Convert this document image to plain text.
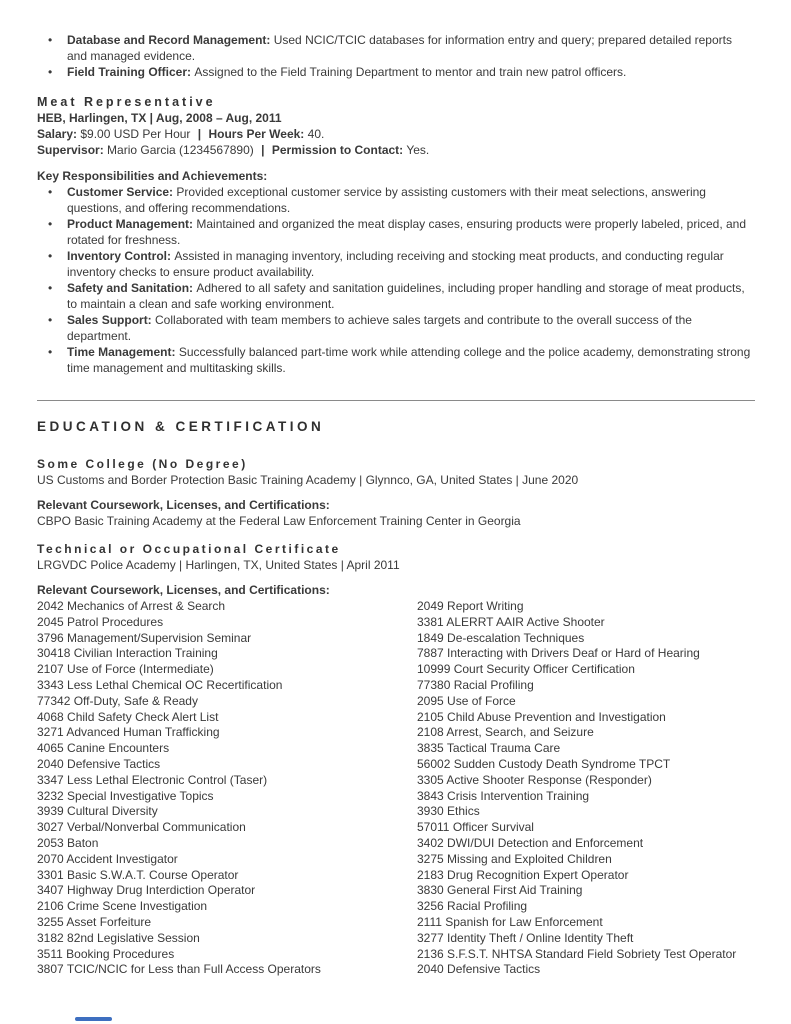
• Database and Record Management: Used NCIC/TCIC databases for information entry and query; prepared detailed reports and managed evidence.
• Field Training Officer: Assigned to the Field Training Department to mentor and train new patrol officers.
Meat Representative
HEB, Harlingen, TX | Aug, 2008 – Aug, 2011
Salary: $9.00 USD Per Hour | Hours Per Week: 40.
Supervisor: Mario Garcia (1234567890) | Permission to Contact: Yes.
Key Responsibilities and Achievements:
• Customer Service: Provided exceptional customer service by assisting customers with their meat selections, answering questions, and offering recommendations.
• Product Management: Maintained and organized the meat display cases, ensuring products were properly labeled, priced, and rotated for freshness.
• Inventory Control: Assisted in managing inventory, including receiving and stocking meat products, and conducting regular inventory checks to ensure product availability.
• Safety and Sanitation: Adhered to all safety and sanitation guidelines, including proper handling and storage of meat products, to maintain a clean and safe working environment.
• Sales Support: Collaborated with team members to achieve sales targets and contribute to the overall success of the department.
• Time Management: Successfully balanced part-time work while attending college and the police academy, demonstrating strong time management and multitasking skills.
EDUCATION & CERTIFICATION
Some College (No Degree)
US Customs and Border Protection Basic Training Academy | Glynnco, GA, United States | June 2020
Relevant Coursework, Licenses, and Certifications:
CBPO Basic Training Academy at the Federal Law Enforcement Training Center in Georgia
Technical or Occupational Certificate
LRGVDC Police Academy | Harlingen, TX, United States | April 2011
Relevant Coursework, Licenses, and Certifications:
2042 Mechanics of Arrest & Search
2045 Patrol Procedures
3796 Management/Supervision Seminar
30418 Civilian Interaction Training
2107 Use of Force (Intermediate)
3343 Less Lethal Chemical OC Recertification
77342 Off-Duty, Safe & Ready
4068 Child Safety Check Alert List
3271 Advanced Human Trafficking
4065 Canine Encounters
2040 Defensive Tactics
3347 Less Lethal Electronic Control (Taser)
3232 Special Investigative Topics
3939 Cultural Diversity
3027 Verbal/Nonverbal Communication
2053 Baton
2070 Accident Investigator
3301 Basic S.W.A.T. Course Operator
3407 Highway Drug Interdiction Operator
2106 Crime Scene Investigation
3255 Asset Forfeiture
3182 82nd Legislative Session
3511 Booking Procedures
3807 TCIC/NCIC for Less than Full Access Operators
2049 Report Writing
3381 ALERRT AAIR Active Shooter
1849 De-escalation Techniques
7887 Interacting with Drivers Deaf or Hard of Hearing
10999 Court Security Officer Certification
77380 Racial Profiling
2095 Use of Force
2105 Child Abuse Prevention and Investigation
2108 Arrest, Search, and Seizure
3835 Tactical Trauma Care
56002 Sudden Custody Death Syndrome TPCT
3305 Active Shooter Response (Responder)
3843 Crisis Intervention Training
3930 Ethics
57011 Officer Survival
3402 DWI/DUI Detection and Enforcement
3275 Missing and Exploited Children
2183 Drug Recognition Expert Operator
3830 General First Aid Training
3256 Racial Profiling
2111 Spanish for Law Enforcement
3277 Identity Theft / Online Identity Theft
2136 S.F.S.T. NHTSA Standard Field Sobriety Test Operator
2040 Defensive Tactics
